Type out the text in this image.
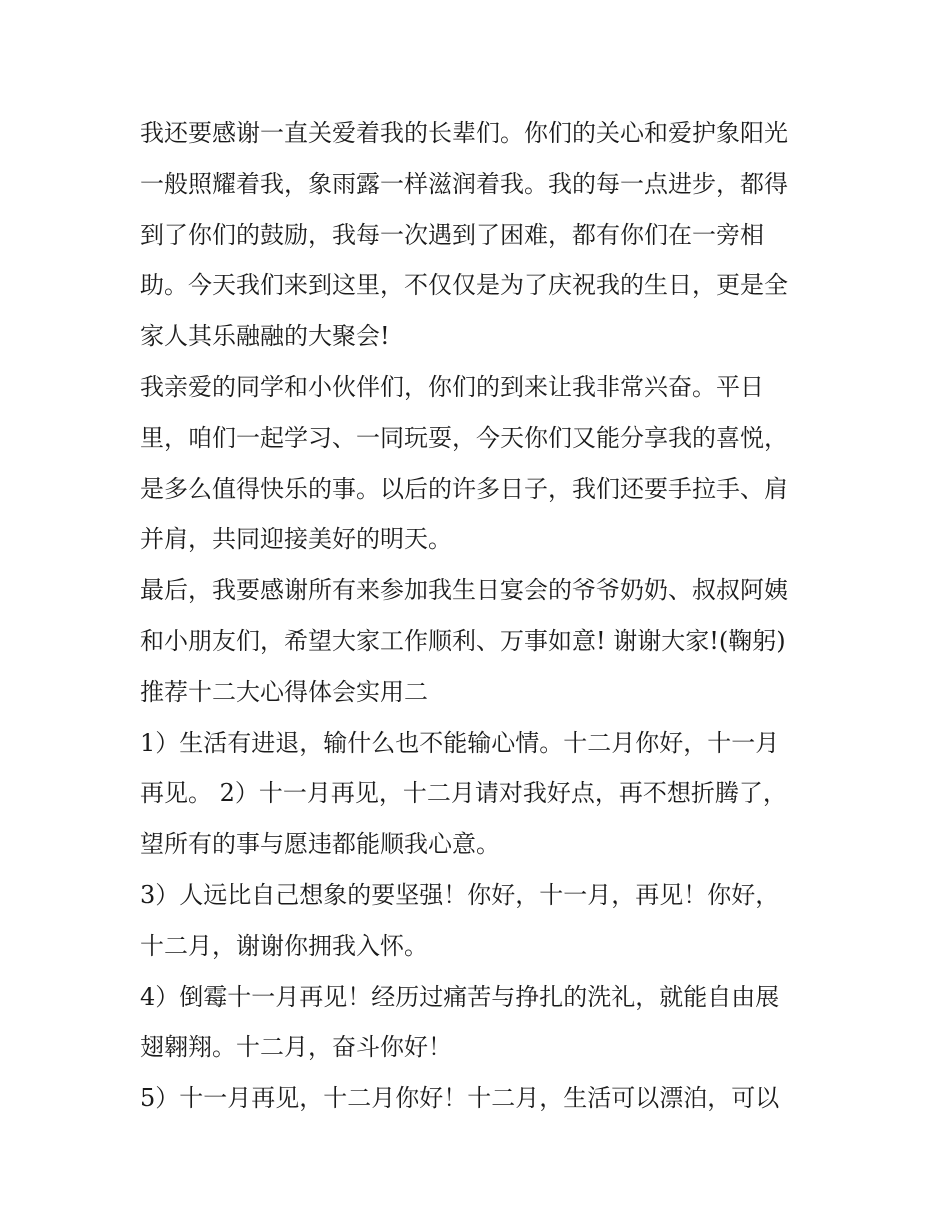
我还要感谢一直关爱着我的长辈们。你们的关心和爱护象阳光
一般照耀着我，象雨露一样滋润着我。我的每一点进步，都得
到了你们的鼓励，我每一次遇到了困难，都有你们在一旁相
助。今天我们来到这里，不仅仅是为了庆祝我的生日，更是全
家人其乐融融的大聚会!
我亲爱的同学和小伙伴们，你们的到来让我非常兴奋。平日
里，咱们一起学习、一同玩耍，今天你们又能分享我的喜悦，
是多么值得快乐的事。以后的许多日子，我们还要手拉手、肩
并肩，共同迎接美好的明天。
最后，我要感谢所有来参加我生日宴会的爷爷奶奶、叔叔阿姨
和小朋友们，希望大家工作顺利、万事如意! 谢谢大家!(鞠躬)
推荐十二大心得体会实用二
1）生活有进退，输什么也不能输心情。十二月你好，十一月
再见。 2）十一月再见，十二月请对我好点，再不想折腾了，
望所有的事与愿违都能顺我心意。
3）人远比自己想象的要坚强！你好，十一月，再见！你好，
十二月，谢谢你拥我入怀。
4）倒霉十一月再见！经历过痛苦与挣扎的洗礼，就能自由展
翅翱翔。十二月，奋斗你好！
5）十一月再见，十二月你好！十二月，生活可以漂泊，可以
